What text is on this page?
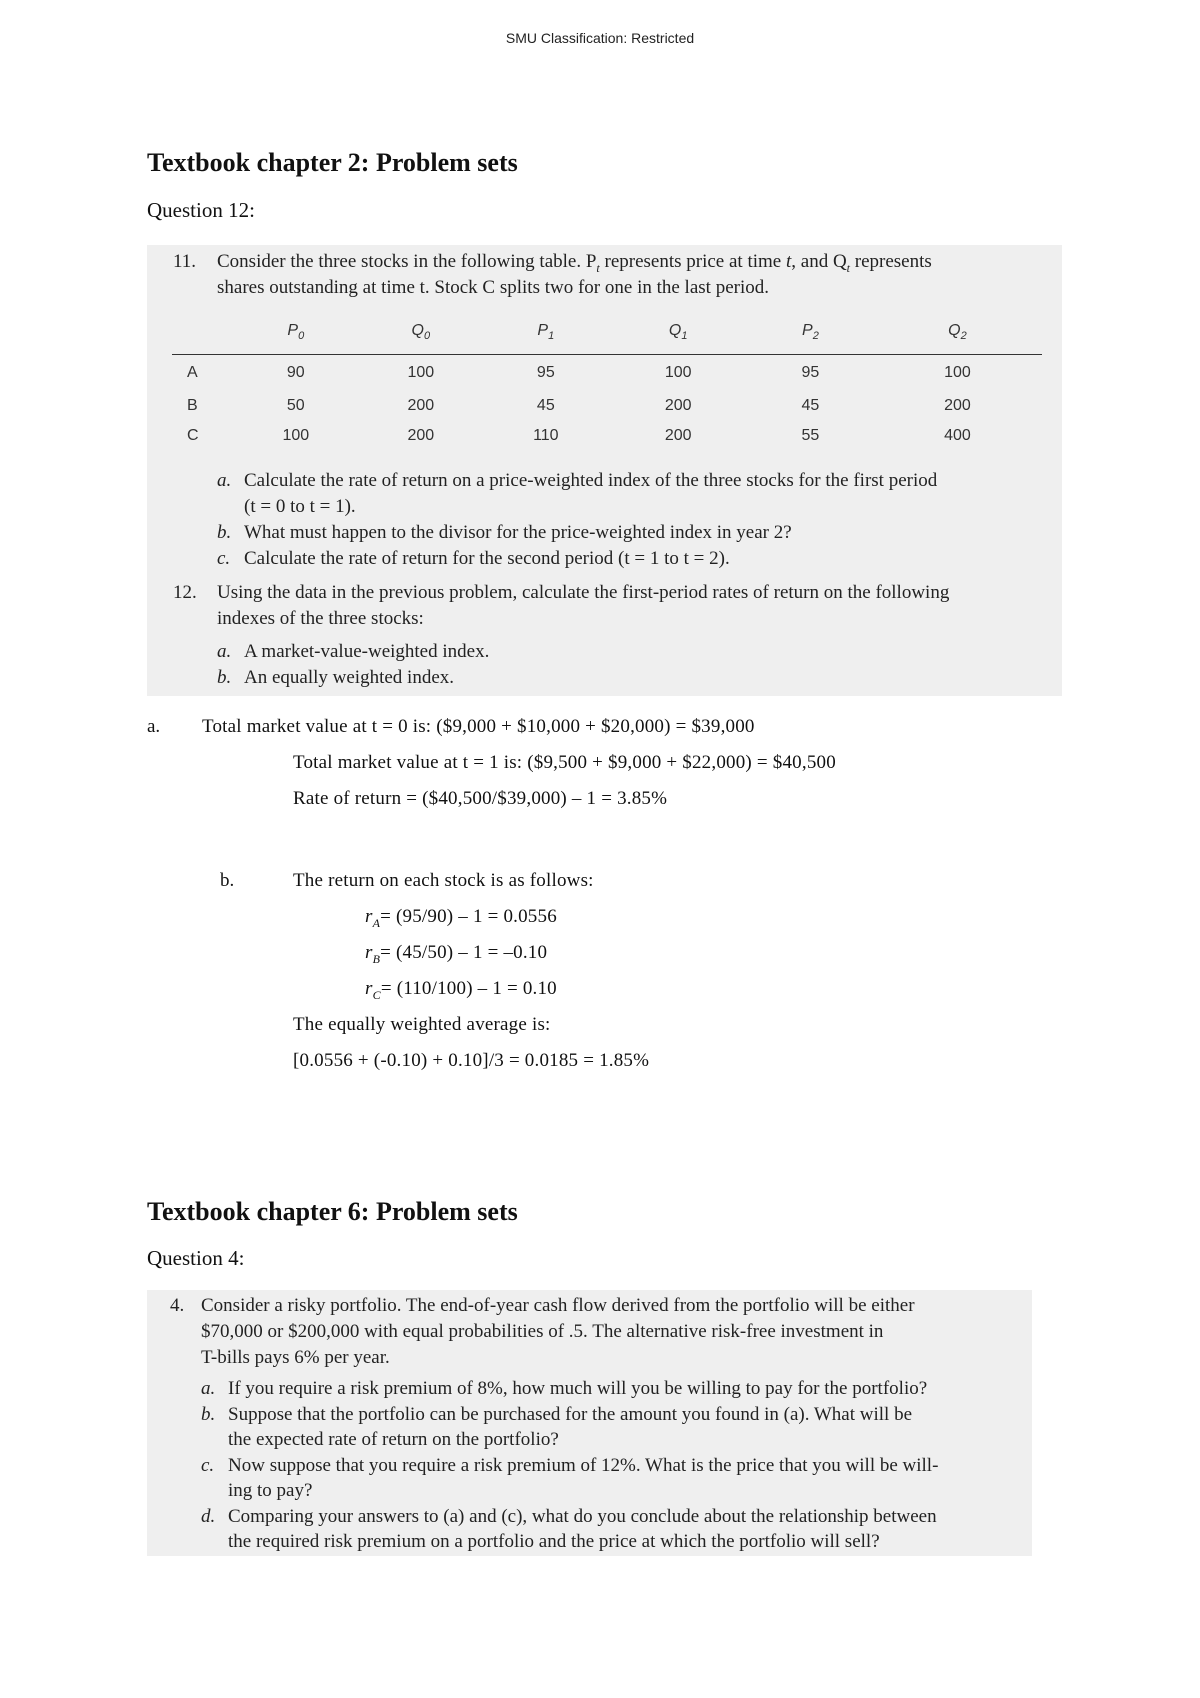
SMU Classification: Restricted
Textbook chapter 2: Problem sets
Question 12:
11. Consider the three stocks in the following table. $P_t$ represents price at time t, and $Q_t$ represents
shares outstanding at time t. Stock C splits two for one in the last period.
	$P_0$	$Q_0$	$P_1$	$Q_1$	$P_2$	$Q_2$
A	90	100	95	100	95	100
B	50	200	45	200	45	200
C	100	200	110	200	55	400
a. Calculate the rate of return on a price-weighted index of the three stocks for the first period
(t = 0 to t = 1).
b. What must happen to the divisor for the price-weighted index in year 2?
c. Calculate the rate of return for the second period (t = 1 to t = 2).
12. Using the data in the previous problem, calculate the first-period rates of return on the following
indexes of the three stocks:
a. A market-value-weighted index.
b. An equally weighted index.
a. Total market value at t = 0 is: ($9,000 + $10,000 + $20,000) = $39,000
Total market value at t = 1 is: ($9,500 + $9,000 + $22,000) = $40,500
Rate of return = ($40,500/$39,000) – 1 = 3.85%
b.	The return on each stock is as follows:
$r_A= (95/90) - 1 = 0.0556$
$r_B= (45/50) - 1 = -0.10$
$r_C= (110/100) - 1 = 0.10$
The equally weighted average is:
[0.0556 + (-0.10) + 0.10]/3 = 0.0185 = 1.85%
Textbook chapter 6: Problem sets
Question 4:
4. Consider a risky portfolio. The end-of-year cash flow derived from the portfolio will be either
$70,000 or $200,000 with equal probabilities of .5. The alternative risk-free investment in
T-bills pays 6% per year.
a. If you require a risk premium of 8%, how much will you be willing to pay for the portfolio?
b. Suppose that the portfolio can be purchased for the amount you found in (a). What will be
the expected rate of return on the portfolio?
c. Now suppose that you require a risk premium of 12%. What is the price that you will be will-
ing to pay?
d. Comparing your answers to (a) and (c), what do you conclude about the relationship between
the required risk premium on a portfolio and the price at which the portfolio will sell?
